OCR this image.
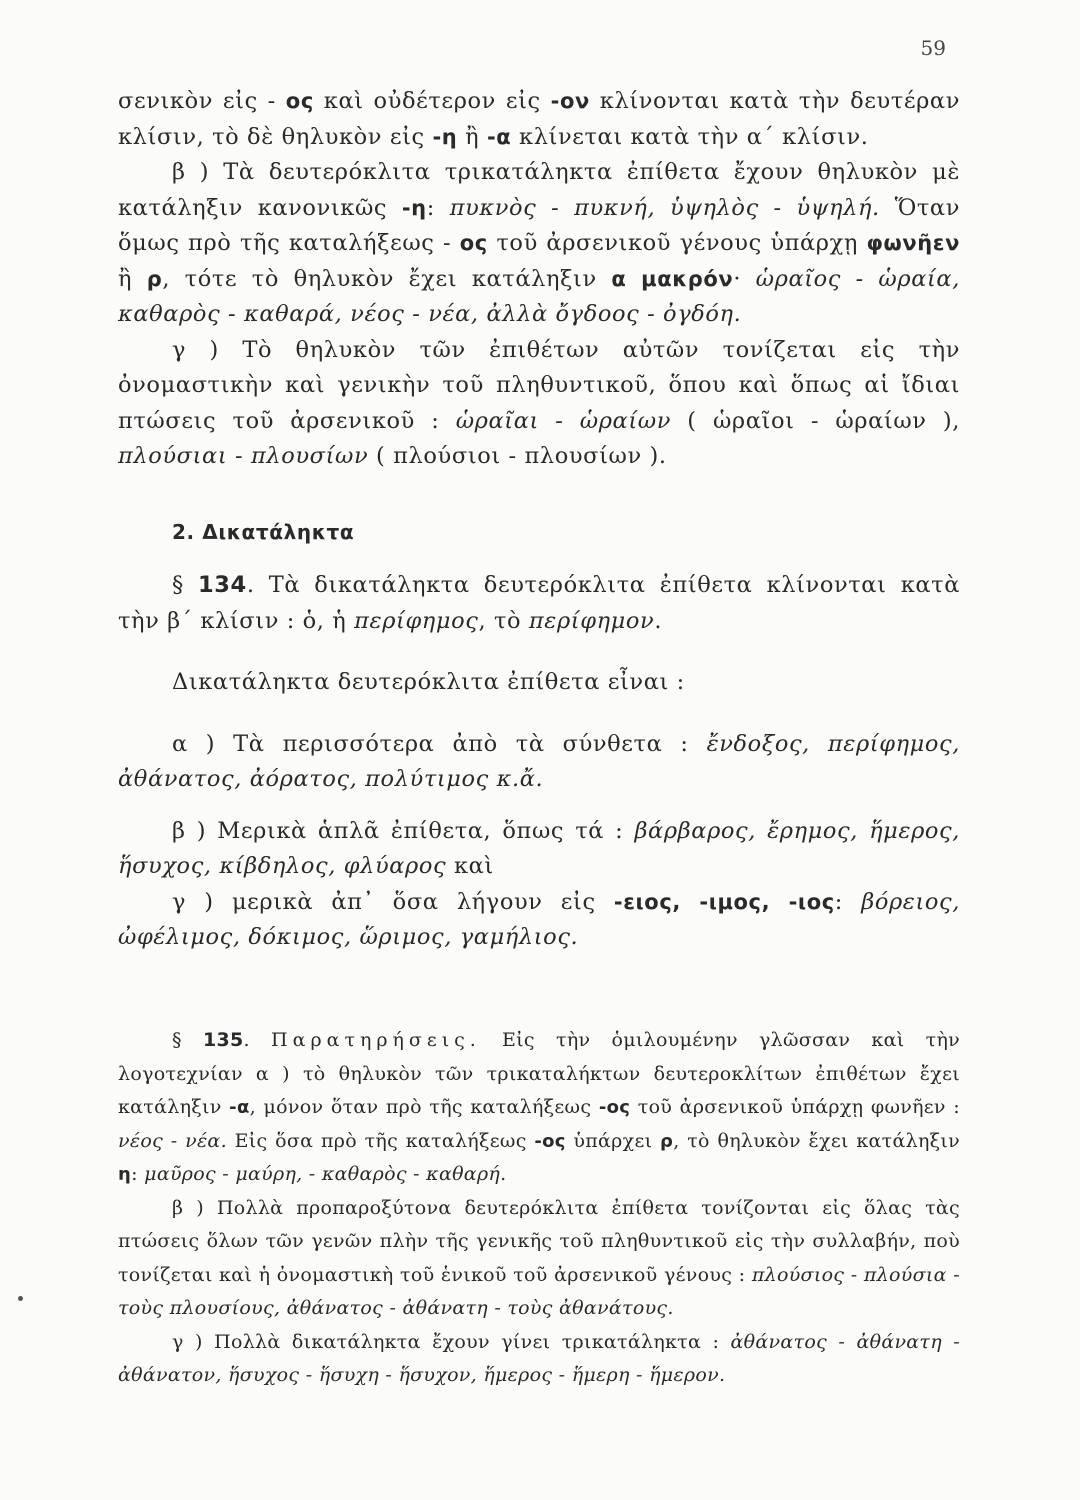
59

σενικὸν εἰς - ος καὶ οὐδέτερον εἰς -ον κλίνονται κατὰ τὴν δευτέραν κλίσιν, τὸ δὲ θηλυκὸν εἰς -η ἢ -α κλίνεται κατὰ τὴν α΄ κλίσιν.

β ) Τὰ δευτερόκλιτα τρικατάληκτα ἐπίθετα ἔχουν θηλυκὸν μὲ κατάληξιν κανονικῶς -η: πυκνὸς - πυκνή, ὑψηλὸς - ὑψηλή. Ὅταν ὅμως πρὸ τῆς καταλήξεως - ος τοῦ ἀρσενικοῦ γένους ὑπάρχῃ φωνῆεν ἢ ρ, τότε τὸ θηλυκὸν ἔχει κατάληξιν α μακρόν· ὡραῖος - ὡραία, καθαρὸς - καθαρά, νέος - νέα, ἀλλὰ ὄγδοος - ὀγδόη.

γ ) Τὸ θηλυκὸν τῶν ἐπιθέτων αὐτῶν τονίζεται εἰς τὴν ὀνομαστικὴν καὶ γενικὴν τοῦ πληθυντικοῦ, ὅπου καὶ ὅπως αἱ ἴδιαι πτώσεις τοῦ ἀρσενικοῦ : ὡραῖαι - ὡραίων ( ὡραῖοι - ὡραίων ), πλούσιαι - πλουσίων ( πλούσιοι - πλουσίων ).

2. Δικατάληκτα

§ 134. Τὰ δικατάληκτα δευτερόκλιτα ἐπίθετα κλίνονται κατὰ τὴν β΄ κλίσιν : ὁ, ἡ περίφημος, τὸ περίφημον.

Δικατάληκτα δευτερόκλιτα ἐπίθετα εἶναι :

α ) Τὰ περισσότερα ἀπὸ τὰ σύνθετα : ἔνδοξος, περίφημος, ἀθάνατος, ἀόρατος, πολύτιμος κ.ἄ.

β ) Μερικὰ ἁπλᾶ ἐπίθετα, ὅπως τά : βάρβαρος, ἔρημος, ἥμερος, ἥσυχος, κίβδηλος, φλύαρος καὶ

γ ) μερικὰ ἀπ᾽ ὅσα λήγουν εἰς -ειος, -ιμος, -ιος: βόρειος, ὠφέλιμος, δόκιμος, ὥριμος, γαμήλιος.

§ 135. Παρατηρήσεις. Εἰς τὴν ὁμιλουμένην γλῶσσαν καὶ τὴν λογοτεχνίαν α ) τὸ θηλυκὸν τῶν τρικαταλήκτων δευτεροκλίτων ἐπιθέτων ἔχει κατάληξιν -α, μόνον ὅταν πρὸ τῆς καταλήξεως -ος τοῦ ἀρσενικοῦ ὑπάρχῃ φωνῆεν : νέος - νέα. Εἰς ὅσα πρὸ τῆς καταλήξεως -ος ὑπάρχει ρ, τὸ θηλυκὸν ἔχει κατάληξιν η: μαῦρος - μαύρη, - καθαρὸς - καθαρή.

β ) Πολλὰ προπαροξύτονα δευτερόκλιτα ἐπίθετα τονίζονται εἰς ὅλας τὰς πτώσεις ὅλων τῶν γενῶν πλὴν τῆς γενικῆς τοῦ πληθυντικοῦ εἰς τὴν συλλαβήν, ποὺ τονίζεται καὶ ἡ ὀνομαστικὴ τοῦ ἑνικοῦ τοῦ ἀρσενικοῦ γένους : πλούσιος - πλούσια - τοὺς πλουσίους, ἀθάνατος - ἀθάνατη - τοὺς ἀθανάτους.

γ ) Πολλὰ δικατάληκτα ἔχουν γίνει τρικατάληκτα : ἀθάνατος - ἀθάνατη - ἀθάνατον, ἥσυχος - ἥσυχη - ἥσυχον, ἥμερος - ἥμερη - ἥμερον.
